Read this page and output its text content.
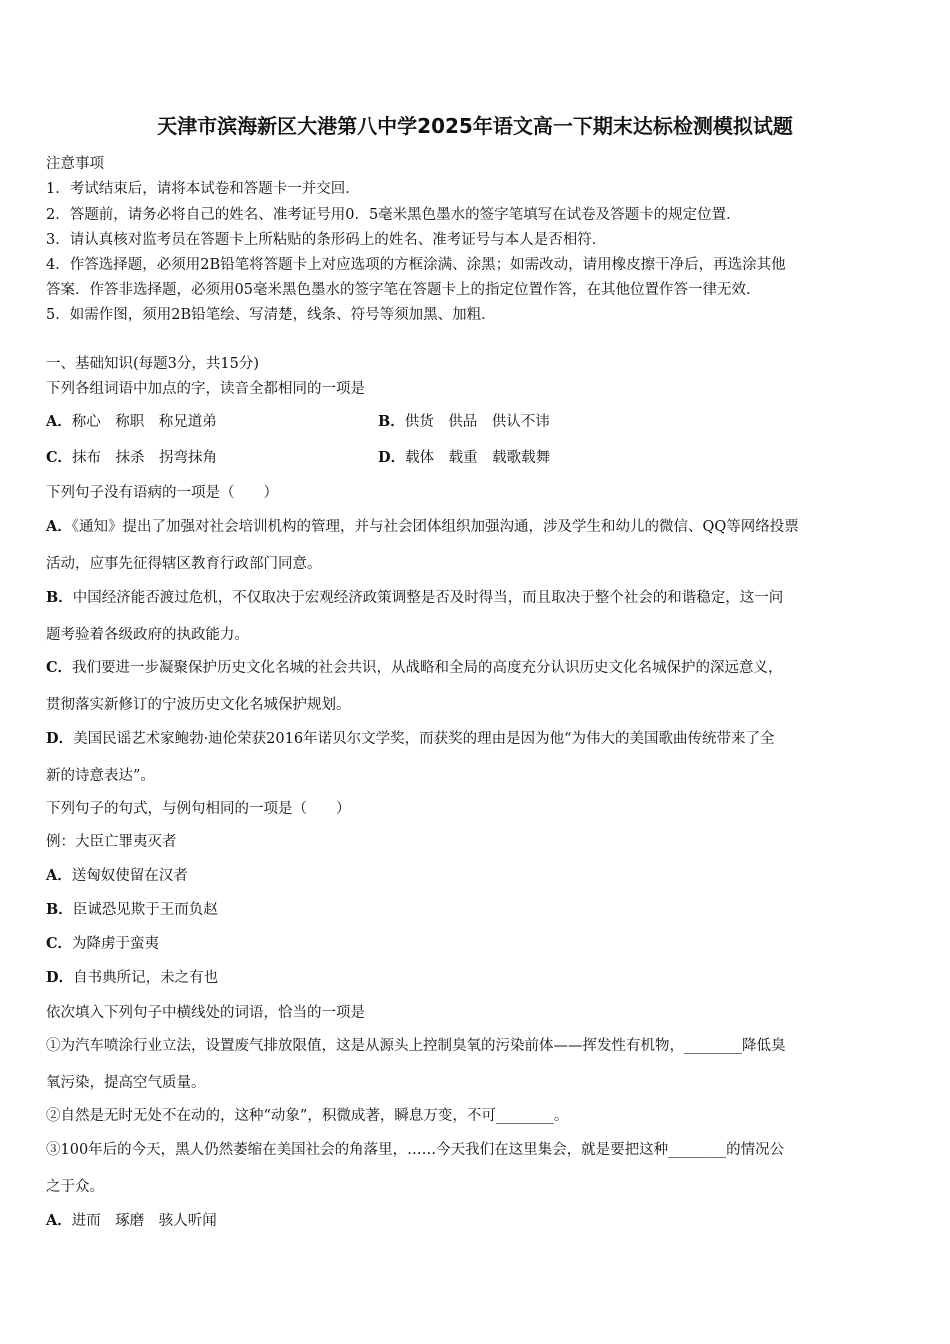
天津市滨海新区大港第八中学2025年语文高一下期末达标检测模拟试题
注意事项
1．考试结束后，请将本试卷和答题卡一并交回．
2．答题前，请务必将自己的姓名、准考证号用0．5毫米黑色墨水的签字笔填写在试卷及答题卡的规定位置．
3．请认真核对监考员在答题卡上所粘贴的条形码上的姓名、准考证号与本人是否相符．
4．作答选择题，必须用2B铅笔将答题卡上对应选项的方框涂满、涂黑；如需改动，请用橡皮擦干净后，再选涂其他
答案．作答非选择题，必须用05毫米黑色墨水的签字笔在答题卡上的指定位置作答，在其他位置作答一律无效．
5．如需作图，须用2B铅笔绘、写清楚，线条、符号等须加黑、加粗．
一、基础知识(每题3分，共15分)
下列各组词语中加点的字，读音全都相同的一项是
A．称心　称职　称兄道弟	B．供货　供品　供认不讳
C．抹布　抹杀　拐弯抹角	D．载体　载重　载歌载舞
下列句子没有语病的一项是（　　）
A．《通知》提出了加强对社会培训机构的管理，并与社会团体组织加强沟通，涉及学生和幼儿的微信、QQ等网络投票
活动，应事先征得辖区教育行政部门同意。
B．中国经济能否渡过危机，不仅取决于宏观经济政策调整是否及时得当，而且取决于整个社会的和谐稳定，这一问
题考验着各级政府的执政能力。
C．我们要进一步凝聚保护历史文化名城的社会共识，从战略和全局的高度充分认识历史文化名城保护的深远意义，
贯彻落实新修订的宁波历史文化名城保护规划。
D．美国民谣艺术家鲍勃·迪伦荣获2016年诺贝尔文学奖，而获奖的理由是因为他“为伟大的美国歌曲传统带来了全
新的诗意表达”。
下列句子的句式，与例句相同的一项是（　　）
例：大臣亡罪夷灭者
A．送匈奴使留在汉者
B．臣诚恐见欺于王而负赵
C．为降虏于蛮夷
D．自书典所记，未之有也
依次填入下列句子中横线处的词语，恰当的一项是
①为汽车喷涂行业立法，设置废气排放限值，这是从源头上控制臭氧的污染前体——挥发性有机物，________降低臭
氧污染，提高空气质量。
②自然是无时无处不在动的，这种“动象”，积微成著，瞬息万变，不可________。
③100年后的今天，黑人仍然萎缩在美国社会的角落里，……今天我们在这里集会，就是要把这种________的情况公
之于众。
A．进而　琢磨　骇人听闻
